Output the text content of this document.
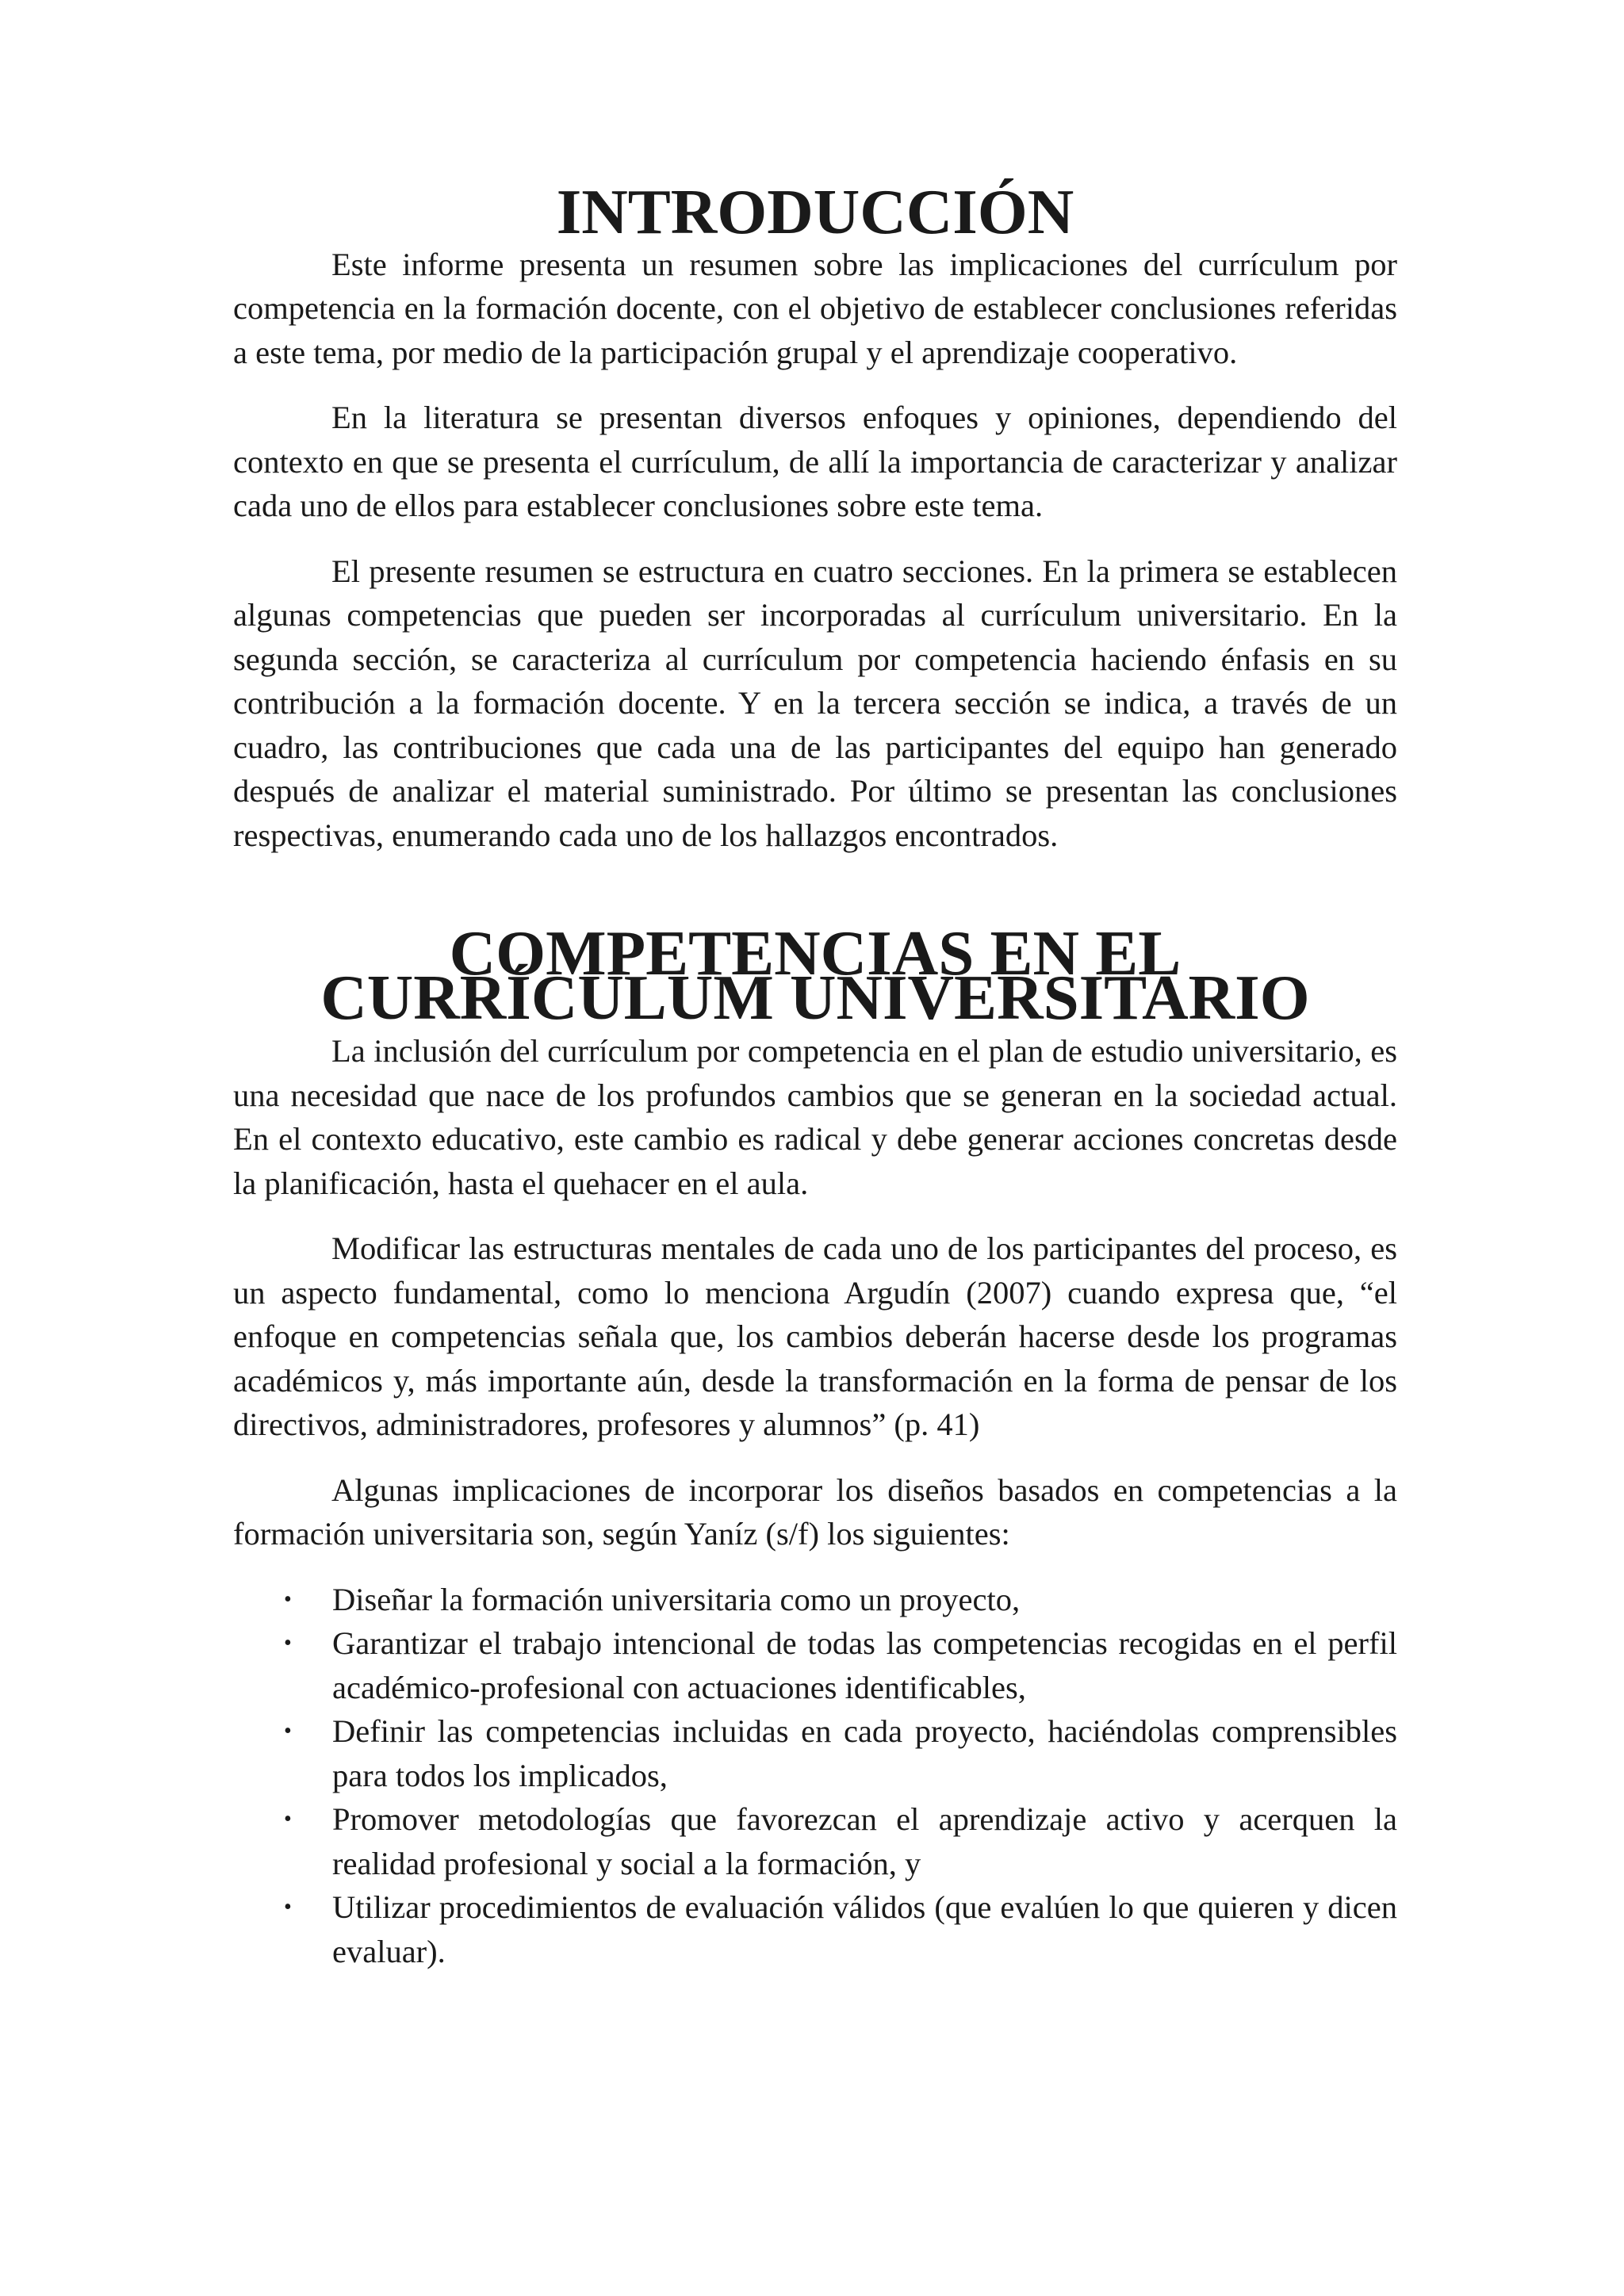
INTRODUCCIÓN

Este informe presenta un resumen sobre las implicaciones del currículum por competencia en la formación docente, con el objetivo de establecer conclusiones referidas a este tema, por medio de la participación grupal y el aprendizaje cooperativo.

En la literatura se presentan diversos enfoques y opiniones, dependiendo del contexto en que se presenta el currículum, de allí la importancia de caracterizar y analizar cada uno de ellos para establecer conclusiones sobre este tema.

El presente resumen se estructura en cuatro secciones. En la primera se establecen algunas competencias que pueden ser incorporadas al currículum universitario. En la segunda sección, se caracteriza al currículum por competencia haciendo énfasis en su contribución a la formación docente. Y en la tercera sección se indica, a través de un cuadro, las contribuciones que cada una de las participantes del equipo han generado después de analizar el material suministrado. Por último se presentan las conclusiones respectivas, enumerando cada uno de los hallazgos encontrados.

COMPETENCIAS EN EL CURRÍCULUM UNIVERSITARIO

La inclusión del currículum por competencia en el plan de estudio universitario, es una necesidad que nace de los profundos cambios que se generan en la sociedad actual. En el contexto educativo, este cambio es radical y debe generar acciones concretas desde la planificación, hasta el quehacer en el aula.

Modificar las estructuras mentales de cada uno de los participantes del proceso, es un aspecto fundamental, como lo menciona Argudín (2007) cuando expresa que, “el enfoque en competencias señala que, los cambios deberán hacerse desde los programas académicos y, más importante aún, desde la transformación en la forma de pensar de los directivos, administradores, profesores y alumnos” (p. 41)

Algunas implicaciones de incorporar los diseños basados en competencias a la formación universitaria son, según Yaníz (s/f) los siguientes:

• Diseñar la formación universitaria como un proyecto,
• Garantizar el trabajo intencional de todas las competencias recogidas en el perfil académico-profesional con actuaciones identificables,
• Definir las competencias incluidas en cada proyecto, haciéndolas comprensibles para todos los implicados,
• Promover metodologías que favorezcan el aprendizaje activo y acerquen la realidad profesional y social a la formación, y
• Utilizar procedimientos de evaluación válidos (que evalúen lo que quieren y dicen evaluar).
